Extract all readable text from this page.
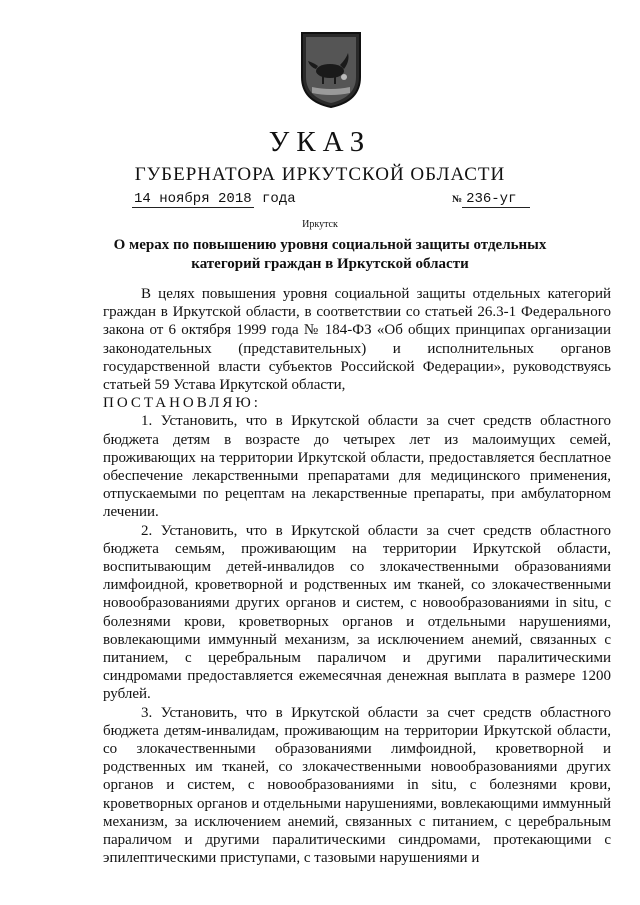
УКАЗ
ГУБЕРНАТОРА ИРКУТСКОЙ ОБЛАСТИ
14 ноября 2018 года	№ 236-уг
Иркутск
О мерах по повышению уровня социальной защиты отдельных
категорий граждан в Иркутской области

В целях повышения уровня социальной защиты отдельных категорий граждан в Иркутской области, в соответствии со статьей 26.3-1 Федерального закона от 6 октября 1999 года № 184-ФЗ «Об общих принципах организации законодательных (представительных) и исполнительных органов государственной власти субъектов Российской Федерации», руководствуясь статьей 59 Устава Иркутской области,

ПОСТАНОВЛЯЮ:

1. Установить, что в Иркутской области за счет средств областного бюджета детям в возрасте до четырех лет из малоимущих семей, проживающих на территории Иркутской области, предоставляется бесплатное обеспечение лекарственными препаратами для медицинского применения, отпускаемыми по рецептам на лекарственные препараты, при амбулаторном лечении.

2. Установить, что в Иркутской области за счет средств областного бюджета семьям, проживающим на территории Иркутской области, воспитывающим детей-инвалидов со злокачественными образованиями лимфоидной, кроветворной и родственных им тканей, со злокачественными новообразованиями других органов и систем, с новообразованиями in situ, с болезнями крови, кроветворных органов и отдельными нарушениями, вовлекающими иммунный механизм, за исключением анемий, связанных с питанием, с церебральным параличом и другими паралитическими синдромами предоставляется ежемесячная денежная выплата в размере 1200 рублей.

3. Установить, что в Иркутской области за счет средств областного бюджета детям-инвалидам, проживающим на территории Иркутской области, со злокачественными образованиями лимфоидной, кроветворной и родственных им тканей, со злокачественными новообразованиями других органов и систем, с новообразованиями in situ, с болезнями крови, кроветворных органов и отдельными нарушениями, вовлекающими иммунный механизм, за исключением анемий, связанных с питанием, с церебральным параличом и другими паралитическими синдромами, протекающими с эпилептическими приступами, с тазовыми нарушениями и
